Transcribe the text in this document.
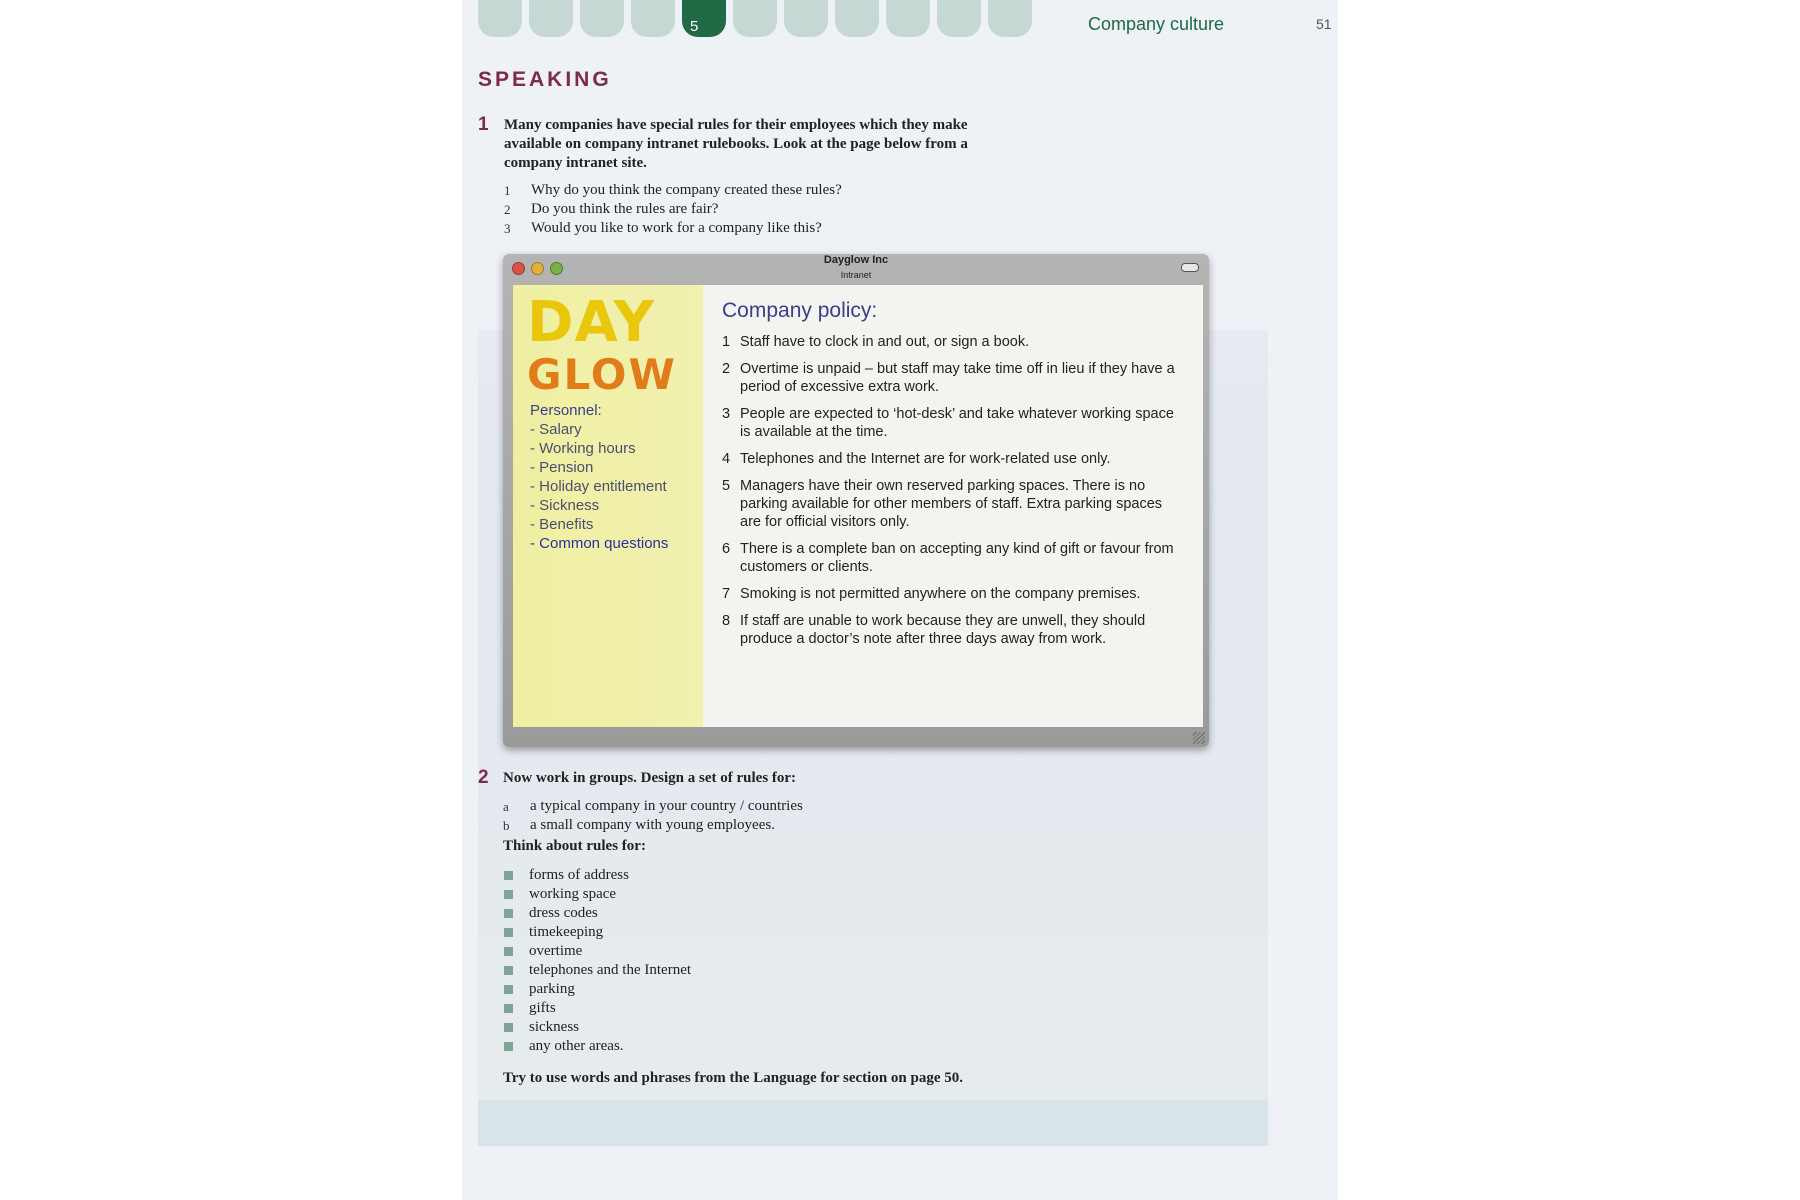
5	Company culture	51
SPEAKING
1 Many companies have special rules for their employees which they make available on company intranet rulebooks. Look at the page below from a company intranet site.
1 Why do you think the company created these rules?
2 Do you think the rules are fair?
3 Would you like to work for a company like this?
Dayglow Inc
Intranet
DAY
GLOW
Personnel:
- Salary
- Working hours
- Pension
- Holiday entitlement
- Sickness
- Benefits
- Common questions
Company policy:
1 Staff have to clock in and out, or sign a book.
2 Overtime is unpaid – but staff may take time off in lieu if they have a period of excessive extra work.
3 People are expected to ‘hot-desk’ and take whatever working space is available at the time.
4 Telephones and the Internet are for work-related use only.
5 Managers have their own reserved parking spaces. There is no parking available for other members of staff. Extra parking spaces are for official visitors only.
6 There is a complete ban on accepting any kind of gift or favour from customers or clients.
7 Smoking is not permitted anywhere on the company premises.
8 If staff are unable to work because they are unwell, they should produce a doctor’s note after three days away from work.
2 Now work in groups. Design a set of rules for:
a a typical company in your country / countries
b a small company with young employees.
Think about rules for:
forms of address
working space
dress codes
timekeeping
overtime
telephones and the Internet
parking
gifts
sickness
any other areas.
Try to use words and phrases from the Language for section on page 50.
